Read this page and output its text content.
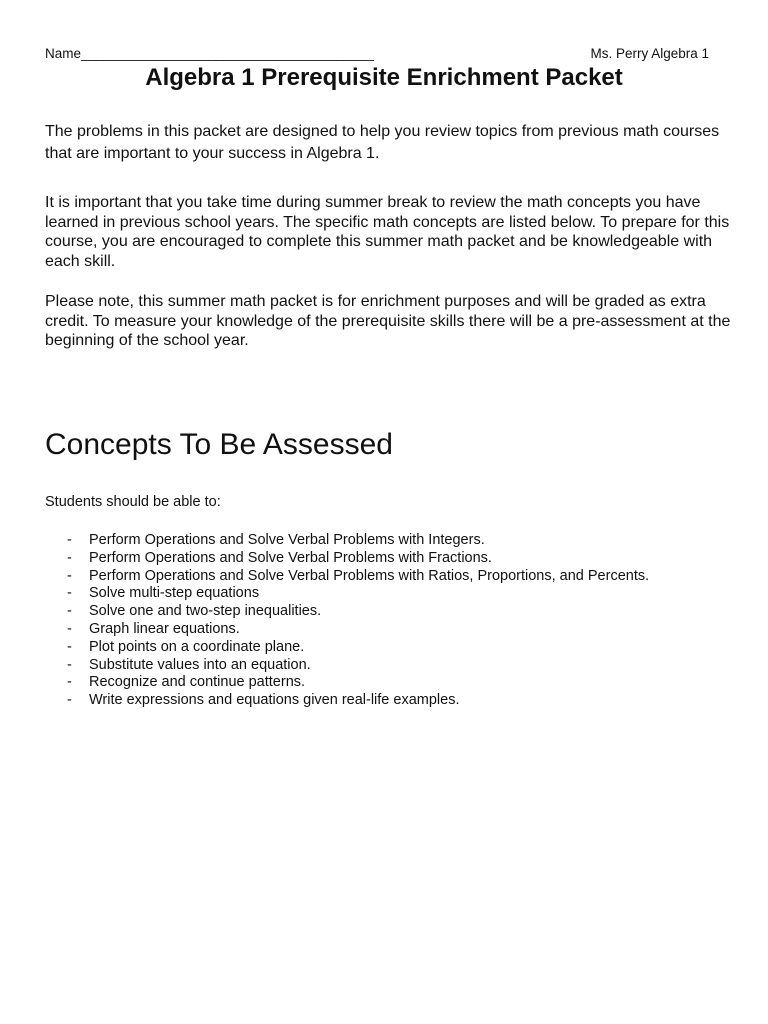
Name_______________________________________	Ms. Perry Algebra 1
Algebra 1 Prerequisite Enrichment Packet

The problems in this packet are designed to help you review topics from previous math courses that are important to your success in Algebra 1.

It is important that you take time during summer break to review the math concepts you have learned in previous school years. The specific math concepts are listed below. To prepare for this course, you are encouraged to complete this summer math packet and be knowledgeable with each skill.

Please note, this summer math packet is for enrichment purposes and will be graded as extra credit. To measure your knowledge of the prerequisite skills there will be a pre-assessment at the beginning of the school year.

Concepts To Be Assessed

Students should be able to:

- Perform Operations and Solve Verbal Problems with Integers.
- Perform Operations and Solve Verbal Problems with Fractions.
- Perform Operations and Solve Verbal Problems with Ratios, Proportions, and Percents.
- Solve multi-step equations
- Solve one and two-step inequalities.
- Graph linear equations.
- Plot points on a coordinate plane.
- Substitute values into an equation.
- Recognize and continue patterns.
- Write expressions and equations given real-life examples.
